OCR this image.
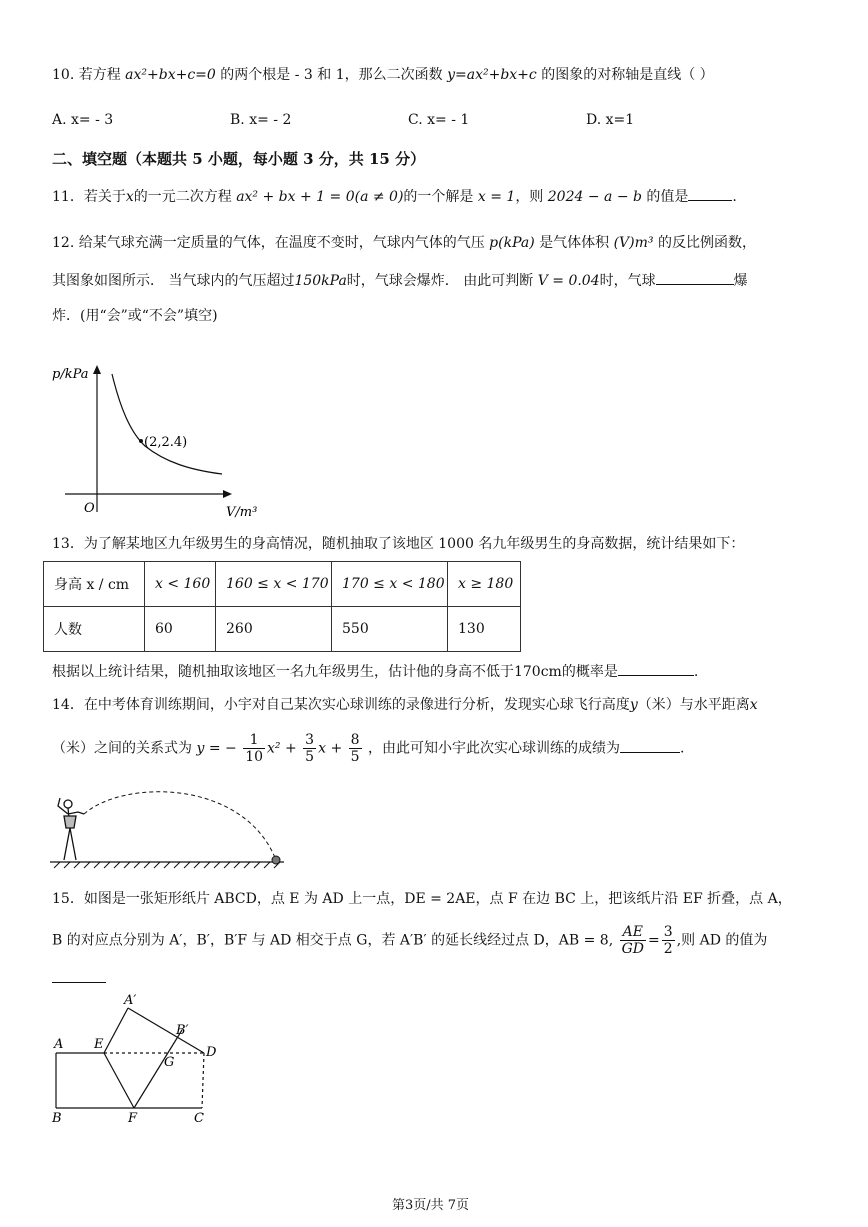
10. 若方程 ax²+bx+c=0 的两个根是 - 3 和 1，那么二次函数 y=ax²+bx+c 的图象的对称轴是直线（ ）
A. x= - 3	B. x= - 2	C. x= - 1	D. x=1
二、填空题（本题共 5 小题，每小题 3 分，共 15 分）
11．若关于x的一元二次方程 ax² + bx + 1 = 0(a ≠ 0)的一个解是 x = 1，则 2024 − a − b 的值是	.
12. 给某气球充满一定质量的气体，在温度不变时，气球内气体的气压 p(kPa) 是气体体积 (V)m³ 的反比例函数，
其图象如图所示． 当气球内的气压超过150kPa时，气球会爆炸． 由此可判断 V = 0.04时，气球	爆
炸．(用“会”或“不会”填空)
p/kPa
V/m³
O
(2,2.4)
13．为了解某地区九年级男生的身高情况，随机抽取了该地区 1000 名九年级男生的身高数据，统计结果如下：
身高 x / cm	x < 160	160 ≤ x < 170	170 ≤ x < 180	x ≥ 180
人数	60	260	550	130
根据以上统计结果，随机抽取该地区一名九年级男生，估计他的身高不低于170cm的概率是	.
14．在中考体育训练期间，小宇对自己某次实心球训练的录像进行分析，发现实心球飞行高度y（米）与水平距离x
（米）之间的关系式为 y = − $\frac{1}{10} x^2 + \frac{3}{5}$ $x + \frac{8}{5}$ ，由此可知小宇此次实心球训练的成绩为	.
15．如图是一张矩形纸片 ABCD，点 E 为 AD 上一点，DE = 2AE，点 F 在边 BC 上，把该纸片沿 EF 折叠，点 A，
B 的对应点分别为 A′，B′，B′F 与 AD 相交于点 G，若 A′B′ 的延长线经过点 D，AB = 8, $\frac{AE}{GD} = \frac{3}{2}$ ,则 AD 的值为
A
B	C
D
E
F
G
A′
B′
第3页/共 7页
